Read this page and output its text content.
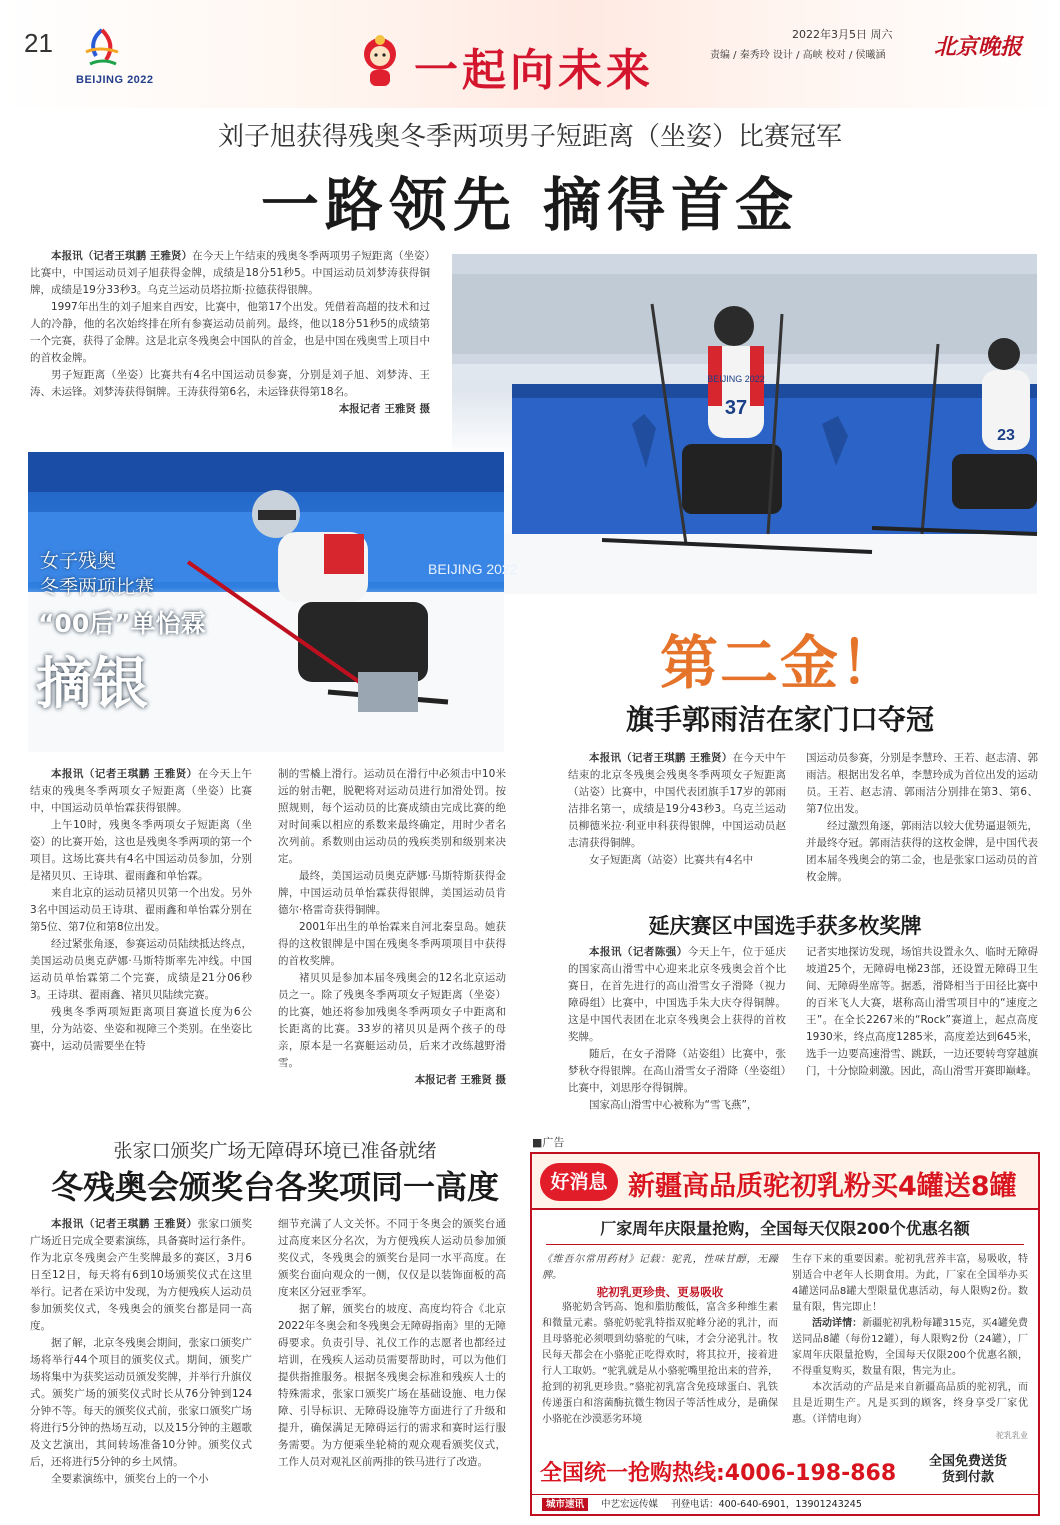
21
BEIJING 2022	一起向未来
2022年3月5日 周六
责编 / 秦秀玲 设计 / 高峡 校对 / 侯曦涵 北京晚报
刘子旭获得残奥冬季两项男子短距离（坐姿）比赛冠军
一路领先 摘得首金

本报讯（记者王琪鹏 王雅贤）在今天上午结束的残奥冬季两项男子短距离（坐姿）比赛中，中国运动员刘子旭获得金牌，成绩是18分51秒5。中国运动员刘梦涛获得铜牌，成绩是19分33秒3。乌克兰运动员塔拉斯·拉德获得银牌。

1997年出生的刘子旭来自西安，比赛中，他第17个出发。凭借着高超的技术和过人的冷静，他的名次始终排在所有参赛运动员前列。最终，他以18分51秒5的成绩第一个完赛，获得了金牌。这是北京冬残奥会中国队的首金，也是中国在残奥雪上项目中的首枚金牌。

男子短距离（坐姿）比赛共有4名中国运动员参赛，分别是刘子旭、刘梦涛、王涛、未运锋。刘梦涛获得铜牌。王涛获得第6名，未运锋获得第18名。

本报记者 王雅贤 摄	37
BEIJING 2022
23
BEIJING 2022
女子残奥
冬季两项比赛
“00后”单怡霖
摘银

本报讯（记者王琪鹏 王雅贤）在今天上午结束的残奥冬季两项女子短距离（坐姿）比赛中，中国运动员单怡霖获得银牌。

上午10时，残奥冬季两项女子短距离（坐姿）的比赛开始，这也是残奥冬季两项的第一个项目。这场比赛共有4名中国运动员参加，分别是褚贝贝、王诗琪、翟雨鑫和单怡霖。

来自北京的运动员褚贝贝第一个出发。另外3名中国运动员王诗琪、翟雨鑫和单怡霖分别在第5位、第7位和第8位出发。

经过紧张角逐，参赛运动员陆续抵达终点，美国运动员奥克萨娜·马斯特斯率先冲线。中国运动员单怡霖第二个完赛，成绩是21分06秒3。王诗琪、翟雨鑫、褚贝贝陆续完赛。

残奥冬季两项短距离项目赛道长度为6公里，分为站姿、坐姿和视障三个类别。在坐姿比赛中，运动员需要坐在特

制的雪橇上滑行。运动员在滑行中必须击中10米远的射击靶，脱靶将对运动员进行加滑处罚。按照规则，每个运动员的比赛成绩由完成比赛的绝对时间乘以相应的系数来最终确定，用时少者名次列前。系数则由运动员的残疾类别和级别来决定。

最终，美国运动员奥克萨娜·马斯特斯获得金牌，中国运动员单怡霖获得银牌，美国运动员肯德尔·格雷奇获得铜牌。

2001年出生的单怡霖来自河北秦皇岛。她获得的这枚银牌是中国在残奥冬季两项项目中获得的首枚奖牌。

褚贝贝是参加本届冬残奥会的12名北京运动员之一。除了残奥冬季两项女子短距离（坐姿）的比赛，她还将参加残奥冬季两项女子中距离和长距离的比赛。33岁的褚贝贝是两个孩子的母亲，原本是一名赛艇运动员，后来才改练越野滑雪。

本报记者 王雅贤 摄
第二金！
旗手郭雨洁在家门口夺冠

本报讯（记者王琪鹏 王雅贤）在今天中午结束的北京冬残奥会残奥冬季两项女子短距离（站姿）比赛中，中国代表团旗手17岁的郭雨洁排名第一，成绩是19分43秒3。乌克兰运动员柳德米拉·利亚申科获得银牌，中国运动员赵志清获得铜牌。

女子短距离（站姿）比赛共有4名中

国运动员参赛，分别是李慧玲、王若、赵志清、郭雨洁。根据出发名单，李慧玲成为首位出发的运动员。王若、赵志清、郭雨洁分别排在第3、第6、第7位出发。

经过激烈角逐，郭雨洁以较大优势逼退领先，并最终夺冠。郭雨洁获得的这枚金牌，是中国代表团本届冬残奥会的第二金，也是张家口运动员的首枚金牌。

延庆赛区中国选手获多枚奖牌

本报讯（记者陈强）今天上午，位于延庆的国家高山滑雪中心迎来北京冬残奥会首个比赛日，在首先进行的高山滑雪女子滑降（视力障碍组）比赛中，中国选手朱大庆夺得铜牌。这是中国代表团在北京冬残奥会上获得的首枚奖牌。

随后，在女子滑降（站姿组）比赛中，张梦秋夺得银牌。在高山滑雪女子滑降（坐姿组）比赛中，刘思彤夺得铜牌。

国家高山滑雪中心被称为“雪飞燕”，

记者实地探访发现，场馆共设置永久、临时无障碍坡道25个，无障碍电梯23部，还设置无障碍卫生间、无障碍坐席等。据悉，滑降相当于田径比赛中的百米飞人大赛，堪称高山滑雪项目中的“速度之王”。在全长2267米的“Rock”赛道上，起点高度1930米，终点高度1285米，高度差达到645米，选手一边要高速滑雪、跳跃，一边还要转弯穿越旗门，十分惊险刺激。因此，高山滑雪开赛即巅峰。
张家口颁奖广场无障碍环境已准备就绪
冬残奥会颁奖台各奖项同一高度

本报讯（记者王琪鹏 王雅贤）张家口颁奖广场近日完成全要素演练，具备赛时运行条件。作为北京冬残奥会产生奖牌最多的赛区，3月6日至12日，每天将有6到10场颁奖仪式在这里举行。记者在采访中发现，为方便残疾人运动员参加颁奖仪式，冬残奥会的颁奖台都是同一高度。

据了解，北京冬残奥会期间，张家口颁奖广场将举行44个项目的颁奖仪式。期间，颁奖广场将集中为获奖运动员颁发奖牌，并举行升旗仪式。颁奖广场的颁奖仪式时长从76分钟到124分钟不等。每天的颁奖仪式前，张家口颁奖广场将进行5分钟的热场互动，以及15分钟的主题歌及文艺演出，其间转场准备10分钟。颁奖仪式后，还将进行5分钟的乡土风情。

全要素演练中，颁奖台上的一个小

细节充满了人文关怀。不同于冬奥会的颁奖台通过高度来区分名次，为方便残疾人运动员参加颁奖仪式，冬残奥会的颁奖台是同一水平高度。在颁奖台面向观众的一侧，仅仅是以装饰面板的高度来区分冠亚季军。

据了解，颁奖台的坡度、高度均符合《北京2022年冬奥会和冬残奥会无障碍指南》里的无障碍要求。负责引导、礼仪工作的志愿者也都经过培训，在残疾人运动员需要帮助时，可以为他们提供指推服务。根据冬残奥会标准和残疾人士的特殊需求，张家口颁奖广场在基础设施、电力保障、引导标识、无障碍设施等方面进行了升级和提升，确保满足无障碍运行的需求和赛时运行服务需要。为方便乘坐轮椅的观众观看颁奖仪式，工作人员对观礼区前两排的铁马进行了改造。

■广告
好消息 新疆高品质驼初乳粉买4罐送8罐
厂家周年庆限量抢购，全国每天仅限200个优惠名额
《维吾尔常用药材》记载：驼乳，性味甘醇，无躁脾。
驼初乳更珍贵、更易吸收

骆驼奶含钙高、饱和脂肪酸低，富含多种维生素和微量元素。骆驼奶驼乳特指双驼峰分泌的乳汁，而且母骆驼必须喂到幼骆驼的气味，才会分泌乳汁。牧民每天都会在小骆驼正吃得欢时，将其拉开，接着进行人工取奶。“驼乳就是从小骆驼嘴里抢出来的营养，抢到的初乳更珍贵。”骆驼初乳富含免疫球蛋白、乳铁传递蛋白和溶菌酶抗微生物因子等活性成分，是确保小骆驼在沙漠恶劣环境

生存下来的重要因素。驼初乳营养丰富，易吸收，特别适合中老年人长期食用。为此，厂家在全国举办买4罐送同品8罐大型限量优惠活动，每人限购2份。数量有限，售完即止！

活动详情：新疆驼初乳粉每罐315克，买4罐免费送同品8罐（每份12罐），每人限购2份（24罐），厂家周年庆限量抢购，全国每天仅限200个优惠名额，不得重复购买，数量有限，售完为止。

本次活动的产品是来自新疆高品质的驼初乳，而且是近期生产。凡是买到的顾客，终身享受厂家优惠。（详情电询）

驼乳乳业
全国统一抢购热线:4006-198-868	全国免费送货
货到付款
城市速讯 中艺宏远传媒 刊登电话：400-640-6901，13901243245
